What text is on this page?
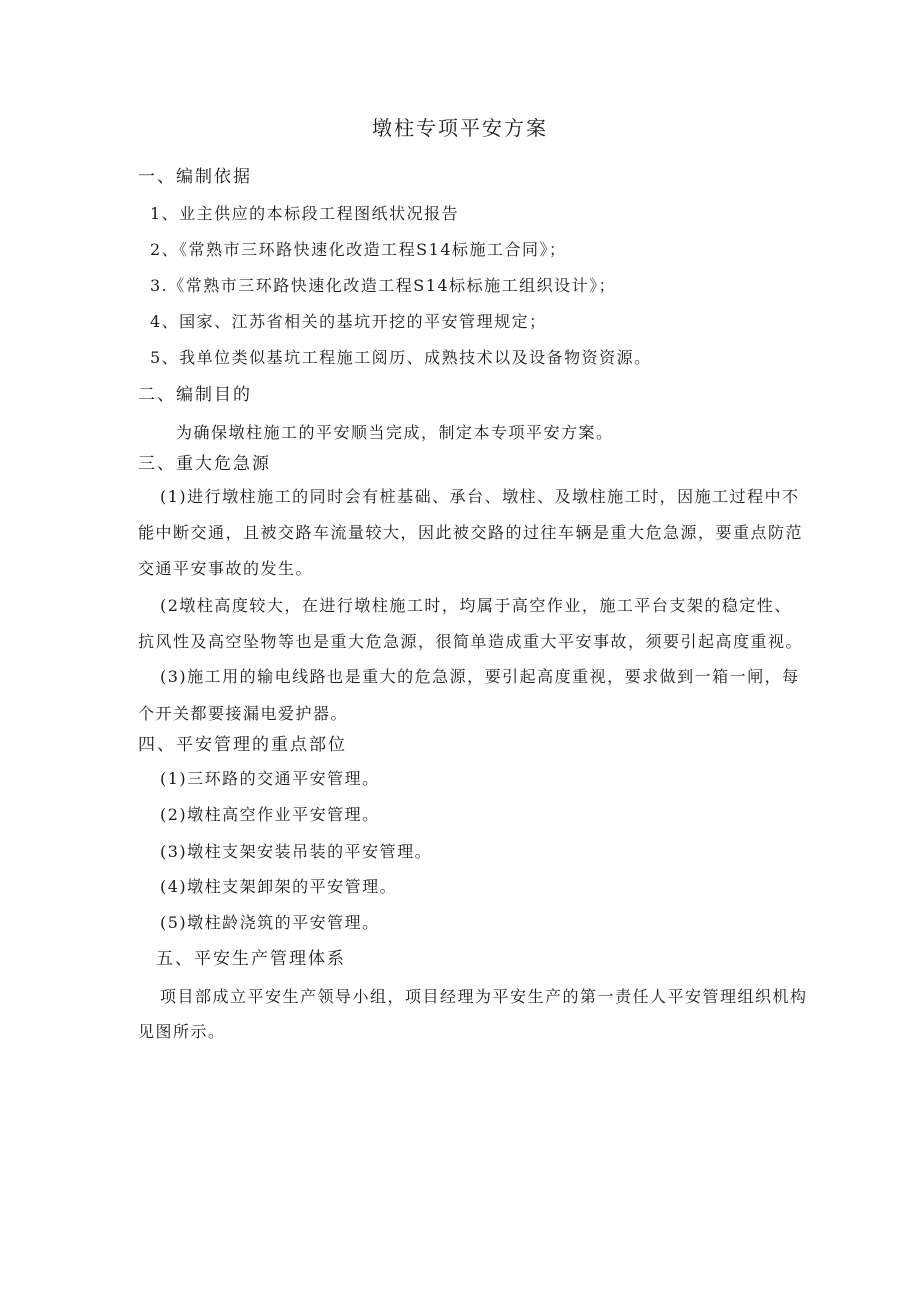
墩柱专项平安方案
一、编制依据
1、业主供应的本标段工程图纸状况报告
2、《常熟市三环路快速化改造工程S14标施工合同》；
3.《常熟市三环路快速化改造工程S14标标施工组织设计》；
4、国家、江苏省相关的基坑开挖的平安管理规定；
5、我单位类似基坑工程施工阅历、成熟技术以及设备物资资源。
二、编制目的
为确保墩柱施工的平安顺当完成，制定本专项平安方案。
三、重大危急源
(1)进行墩柱施工的同时会有桩基础、承台、墩柱、及墩柱施工时，因施工过程中不
能中断交通，且被交路车流量较大，因此被交路的过往车辆是重大危急源，要重点防范
交通平安事故的发生。
(2墩柱高度较大，在进行墩柱施工时，均属于高空作业，施工平台支架的稳定性、
抗风性及高空坠物等也是重大危急源，很简单造成重大平安事故，须要引起高度重视。
(3)施工用的输电线路也是重大的危急源，要引起高度重视，要求做到一箱一闸，每
个开关都要接漏电爱护器。
四、平安管理的重点部位
(1)三环路的交通平安管理。
(2)墩柱高空作业平安管理。
(3)墩柱支架安装吊装的平安管理。
(4)墩柱支架卸架的平安管理。
(5)墩柱龄浇筑的平安管理。
五、平安生产管理体系
项目部成立平安生产领导小组，项目经理为平安生产的第一责任人平安管理组织机构
见图所示。
